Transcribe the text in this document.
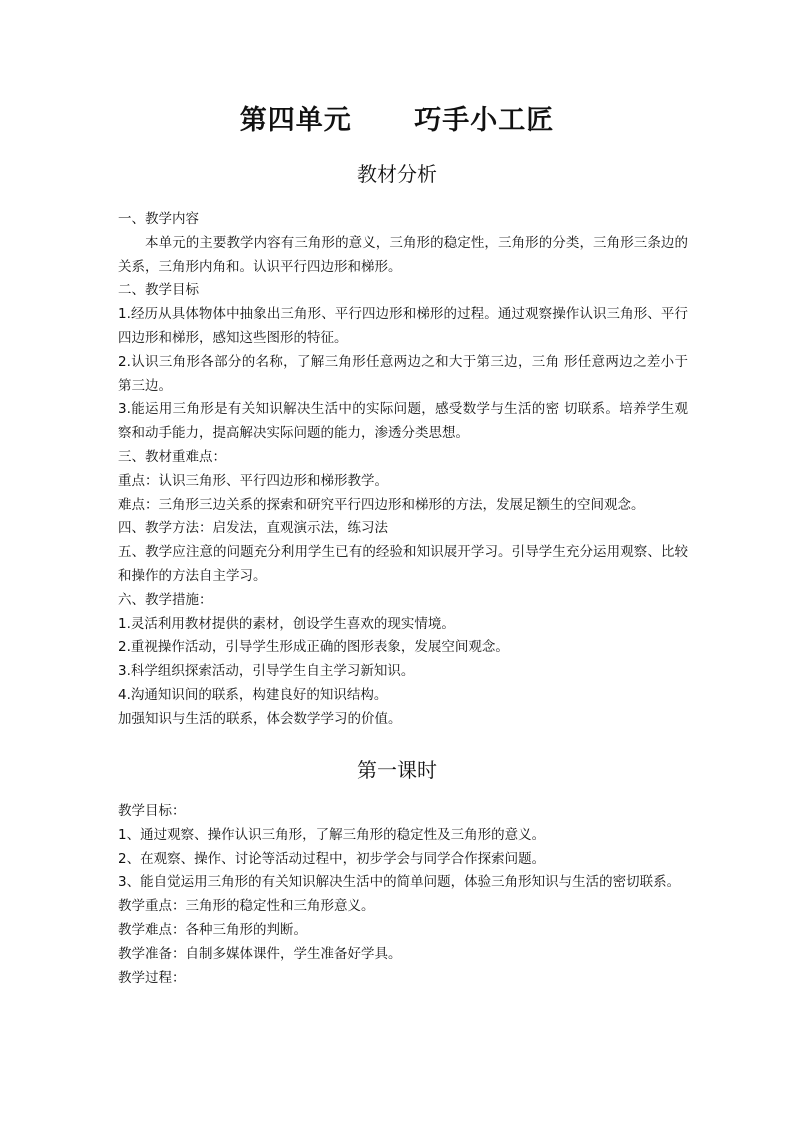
第四单元      巧手小工匠
教材分析

一、教学内容

本单元的主要教学内容有三角形的意义，三角形的稳定性，三角形的分类，三角形三条边的关系，三角形内角和。认识平行四边形和梯形。

二、教学目标

1.经历从具体物体中抽象出三角形、平行四边形和梯形的过程。通过观察操作认识三角形、平行四边形和梯形，感知这些图形的特征。

2.认识三角形各部分的名称，了解三角形任意两边之和大于第三边，三角 形任意两边之差小于第三边。

3.能运用三角形是有关知识解决生活中的实际问题，感受数学与生活的密 切联系。培养学生观察和动手能力，提高解决实际问题的能力，渗透分类思想。

三、教材重难点：

重点：认识三角形、平行四边形和梯形教学。

难点：三角形三边关系的探索和研究平行四边形和梯形的方法，发展足额生的空间观念。

四、教学方法：启发法，直观演示法，练习法

五、教学应注意的问题充分利用学生已有的经验和知识展开学习。引导学生充分运用观察、比较 和操作的方法自主学习。

六、教学措施：

1.灵活利用教材提供的素材，创设学生喜欢的现实情境。

2.重视操作活动，引导学生形成正确的图形表象，发展空间观念。

3.科学组织探索活动，引导学生自主学习新知识。

4.沟通知识间的联系，构建良好的知识结构。

加强知识与生活的联系，体会数学学习的价值。

第一课时

教学目标：

1、通过观察、操作认识三角形，了解三角形的稳定性及三角形的意义。

2、在观察、操作、讨论等活动过程中，初步学会与同学合作探索问题。

3、能自觉运用三角形的有关知识解决生活中的简单问题，体验三角形知识与生活的密切联系。

教学重点：三角形的稳定性和三角形意义。

教学难点：各种三角形的判断。

教学准备：自制多媒体课件，学生准备好学具。

教学过程：
